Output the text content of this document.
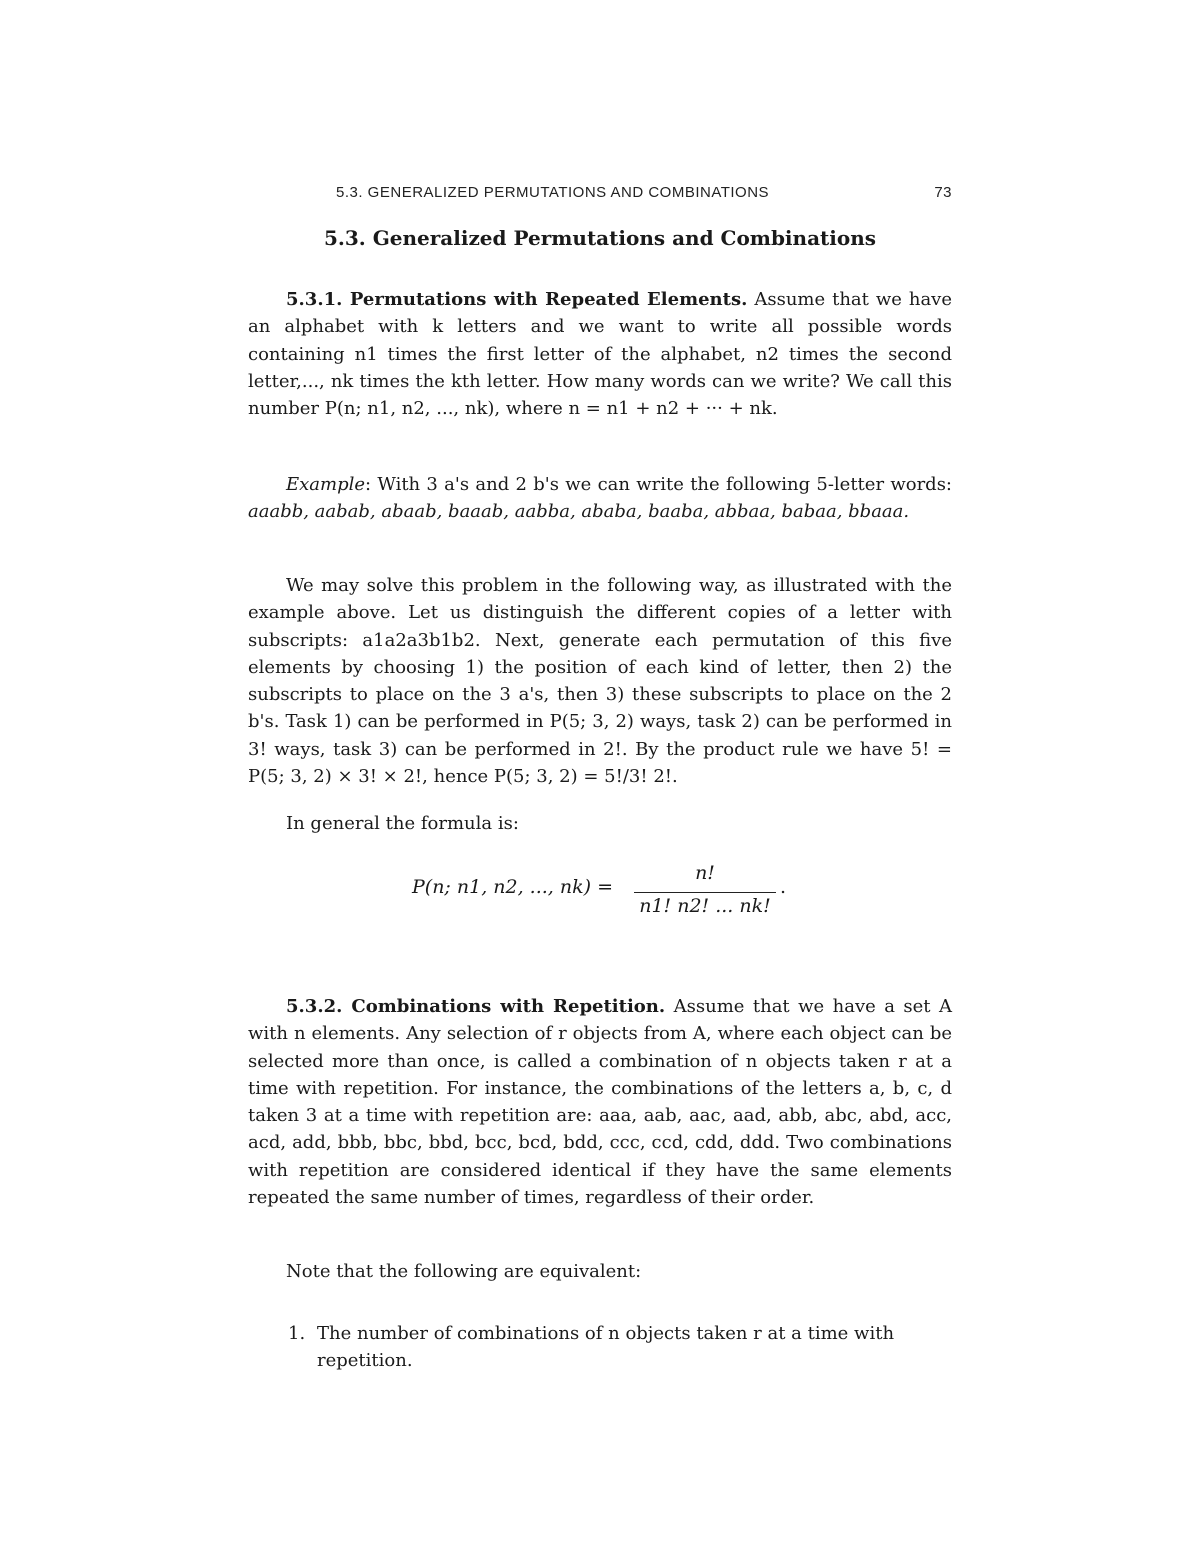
5.3. GENERALIZED PERMUTATIONS AND COMBINATIONS	73
5.3. Generalized Permutations and Combinations
5.3.1. Permutations with Repeated Elements. Assume that we have an alphabet with k letters and we want to write all possible words containing n1 times the first letter of the alphabet, n2 times the second letter,..., nk times the kth letter. How many words can we write? We call this number P(n; n1, n2, ..., nk), where n = n1 + n2 + ··· + nk.
Example: With 3 a's and 2 b's we can write the following 5-letter words: aaabb, aabab, abaab, baaab, aabba, ababa, baaba, abbaa, babaa, bbaaa.
We may solve this problem in the following way, as illustrated with the example above. Let us distinguish the different copies of a letter with subscripts: a1a2a3b1b2. Next, generate each permutation of this five elements by choosing 1) the position of each kind of letter, then 2) the subscripts to place on the 3 a's, then 3) these subscripts to place on the 2 b's. Task 1) can be performed in P(5; 3, 2) ways, task 2) can be performed in 3! ways, task 3) can be performed in 2!. By the product rule we have 5! = P(5; 3, 2) × 3! × 2!, hence P(5; 3, 2) = 5!/3! 2!.
In general the formula is:
P(n; n1, n2, ..., nk) =
n!
n1! n2! ... nk!
.
5.3.2. Combinations with Repetition. Assume that we have a set A with n elements. Any selection of r objects from A, where each object can be selected more than once, is called a combination of n objects taken r at a time with repetition. For instance, the combinations of the letters a, b, c, d taken 3 at a time with repetition are: aaa, aab, aac, aad, abb, abc, abd, acc, acd, add, bbb, bbc, bbd, bcc, bcd, bdd, ccc, ccd, cdd, ddd. Two combinations with repetition are considered identical if they have the same elements repeated the same number of times, regardless of their order.
Note that the following are equivalent:
1. The number of combinations of n objects taken r at a time with repetition.
